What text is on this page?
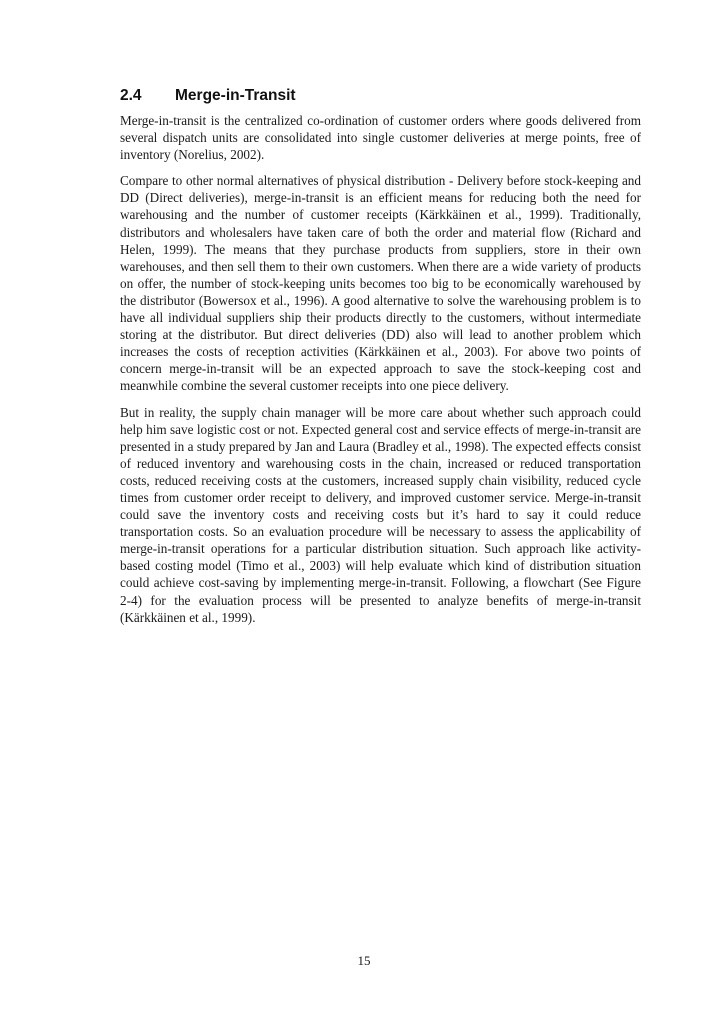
2.4	Merge-in-Transit

Merge-in-transit is the centralized co-ordination of customer orders where goods delivered from several dispatch units are consolidated into single customer deliveries at merge points, free of inventory (Norelius, 2002).

Compare to other normal alternatives of physical distribution - Delivery before stock-keeping and DD (Direct deliveries), merge-in-transit is an efficient means for reducing both the need for warehousing and the number of customer receipts (Kärkkäinen et al., 1999). Traditionally, distributors and wholesalers have taken care of both the order and material flow (Richard and Helen, 1999). The means that they purchase products from suppliers, store in their own warehouses, and then sell them to their own customers. When there are a wide variety of products on offer, the number of stock-keeping units becomes too big to be economically warehoused by the distributor (Bowersox et al., 1996). A good alternative to solve the warehousing problem is to have all individual suppliers ship their products directly to the customers, without intermediate storing at the distributor. But direct deliveries (DD) also will lead to another problem which increases the costs of reception activities (Kärkkäinen et al., 2003). For above two points of concern merge-in-transit will be an expected approach to save the stock-keeping cost and meanwhile combine the several customer receipts into one piece delivery.

But in reality, the supply chain manager will be more care about whether such approach could help him save logistic cost or not. Expected general cost and service effects of merge-in-transit are presented in a study prepared by Jan and Laura (Bradley et al., 1998). The expected effects consist of reduced inventory and warehousing costs in the chain, increased or reduced transportation costs, reduced receiving costs at the customers, increased supply chain visibility, reduced cycle times from customer order receipt to delivery, and improved customer service. Merge-in-transit could save the inventory costs and receiving costs but it’s hard to say it could reduce transportation costs. So an evaluation procedure will be necessary to assess the applicability of merge-in-transit operations for a particular distribution situation. Such approach like activity-based costing model (Timo et al., 2003) will help evaluate which kind of distribution situation could achieve cost-saving by implementing merge-in-transit. Following, a flowchart (See Figure 2-4) for the evaluation process will be presented to analyze benefits of merge-in-transit (Kärkkäinen et al., 1999).

15
